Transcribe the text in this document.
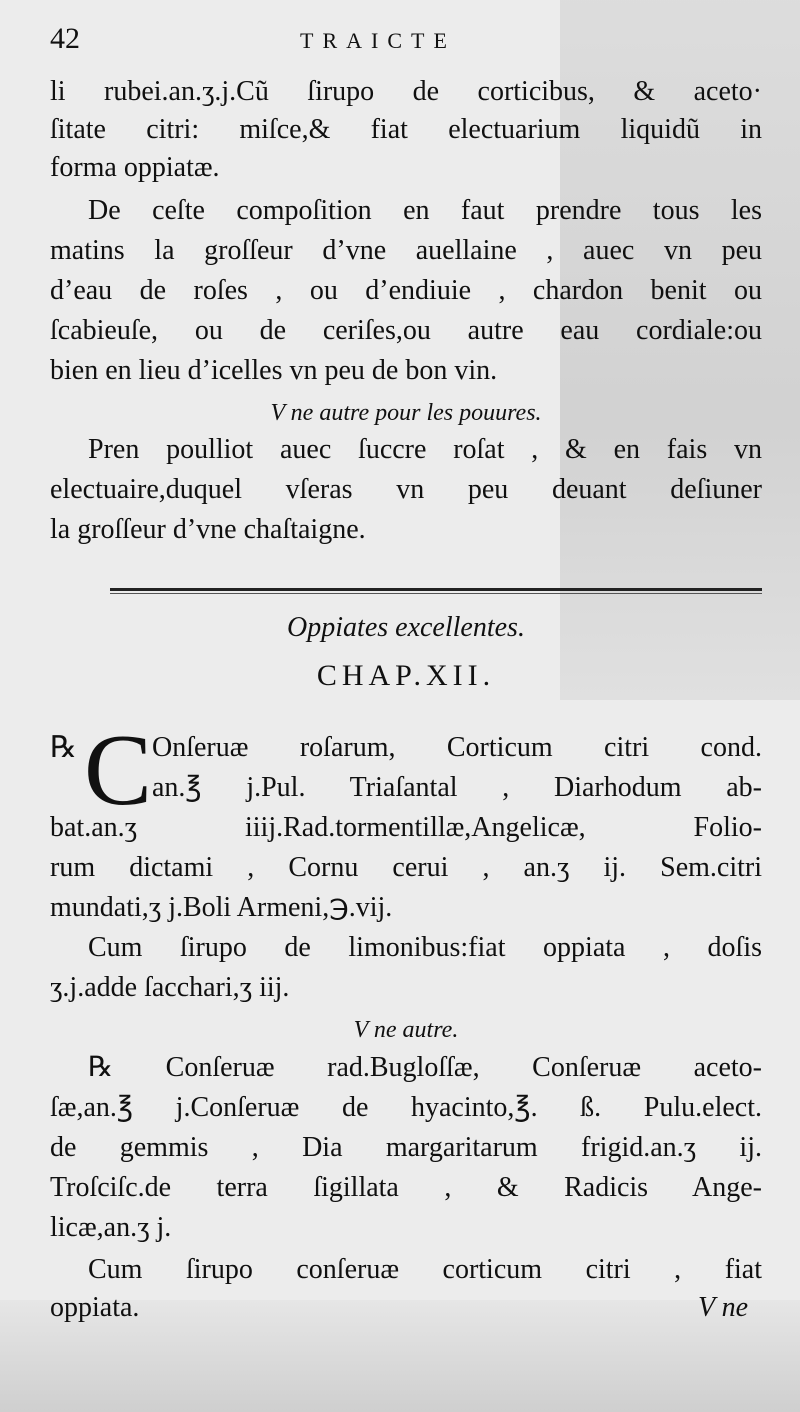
42	TRAICTE
li rubei.an.ʒ.j.Cũ ſirupo de corticibus, & aceto·
ſitate citri: miſce,& fiat electuarium liquidũ in
forma oppiatæ.
De ceſte compoſition en faut prendre tous les
matins la groſſeur d’vne auellaine , auec vn peu
d’eau de roſes , ou d’endiuie , chardon benit ou
ſcabieuſe, ou de ceriſes,ou autre eau cordiale:ou
bien en lieu d’icelles vn peu de bon vin.
V ne autre pour les pouures.
Pren poulliot auec ſuccre roſat , & en fais vn
electuaire,duquel vſeras vn peu deuant deſiuner
la groſſeur d’vne chaſtaigne.
Oppiates excellentes.
CHAP.XII.
℞ C Onſeruæ roſarum, Corticum citri cond.
an.℥ j.Pul. Triaſantal , Diarhodum ab-
bat.an.ʒ iiij.Rad.tormentillæ,Angelicæ, Folio-
rum dictami , Cornu cerui , an.ʒ ij. Sem.citri
mundati,ʒ j.Boli Armeni,℈.vij.
Cum ſirupo de limonibus:fiat oppiata , doſis
ʒ.j.adde ſacchari,ʒ iij.
V ne autre.
℞ Conſeruæ rad.Bugloſſæ, Conſeruæ aceto-
ſæ,an.℥ j.Conſeruæ de hyacinto,℥. ß. Pulu.elect.
de gemmis , Dia margaritarum frigid.an.ʒ ij.
Troſciſc.de terra ſigillata , & Radicis Ange-
licæ,an.ʒ j.
Cum ſirupo conſeruæ corticum citri , fiat
oppiata.	V ne
